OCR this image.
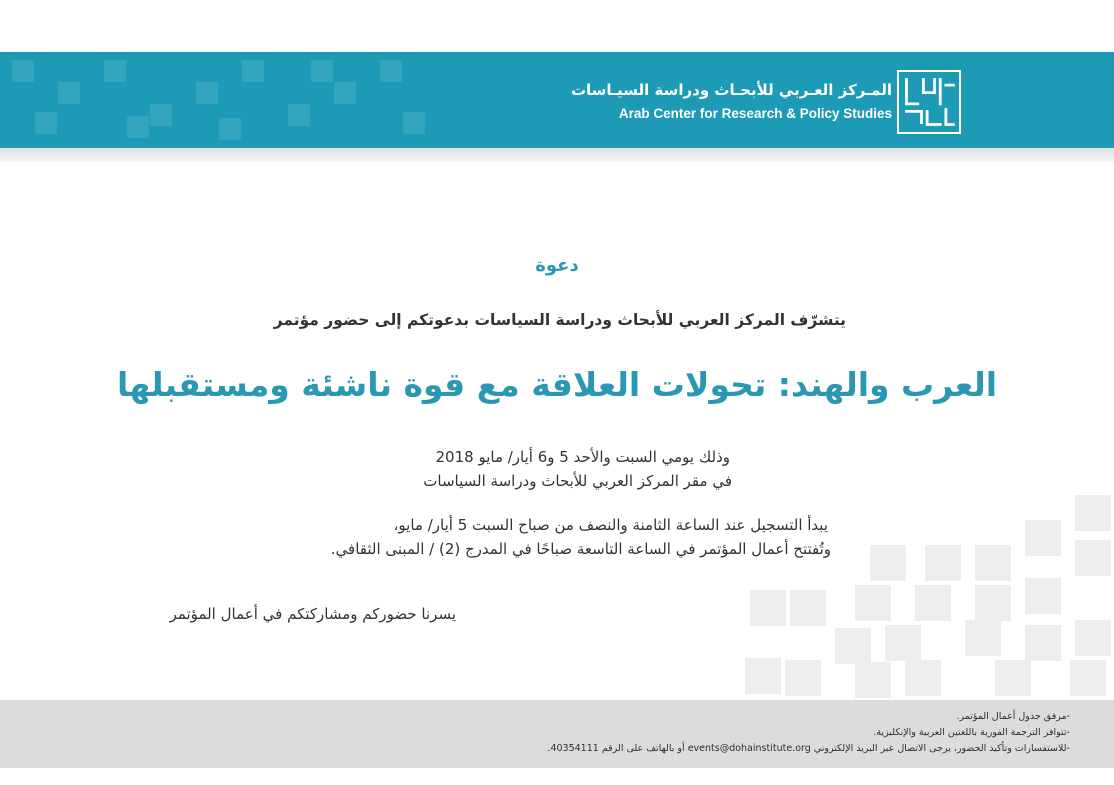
المـركز العـربي للأبحـاث ودراسة السيـاسات
Arab Center for Research & Policy Studies
دعوة
يتشرّف المركز العربي للأبحاث ودراسة السياسات بدعوتكم إلى حضور مؤتمر
العرب والهند: تحولات العلاقة مع قوة ناشئة ومستقبلها
وذلك يومي السبت والأحد 5 و6 أيار/ مايو 2018
في مقر المركز العربي للأبحاث ودراسة السياسات
يبدأ التسجيل عند الساعة الثامنة والنصف من صباح السبت 5 أيار/ مايو،
وتُفتتح أعمال المؤتمر في الساعة التاسعة صباحًا في المدرج (2) / المبنى الثقافي.
يسرنا حضوركم ومشاركتكم في أعمال المؤتمر
-مرفق جدول أعمال المؤتمر.
-تتوافر الترجمة الفورية باللغتين العربية والإنكليزية.
-للاستفسارات وتأكيد الحضور، يرجى الاتصال عبر البريد الإلكتروني events@dohainstitute.org أو بالهاتف على الرقم 40354111.
